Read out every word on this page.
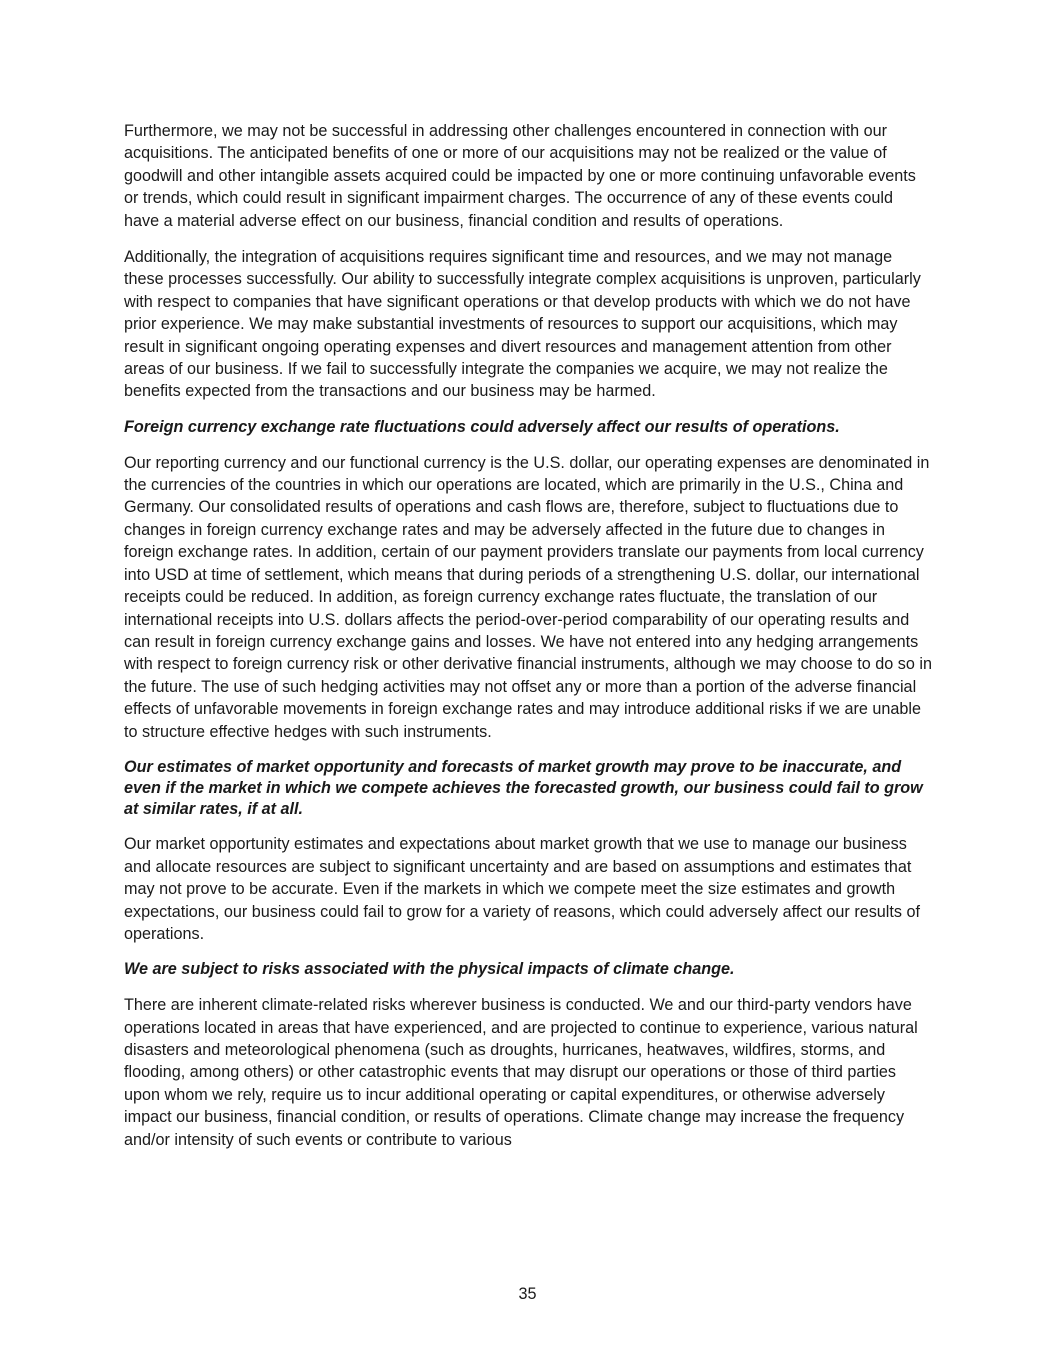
Furthermore, we may not be successful in addressing other challenges encountered in connection with our acquisitions. The anticipated benefits of one or more of our acquisitions may not be realized or the value of goodwill and other intangible assets acquired could be impacted by one or more continuing unfavorable events or trends, which could result in significant impairment charges. The occurrence of any of these events could have a material adverse effect on our business, financial condition and results of operations.

Additionally, the integration of acquisitions requires significant time and resources, and we may not manage these processes successfully. Our ability to successfully integrate complex acquisitions is unproven, particularly with respect to companies that have significant operations or that develop products with which we do not have prior experience. We may make substantial investments of resources to support our acquisitions, which may result in significant ongoing operating expenses and divert resources and management attention from other areas of our business. If we fail to successfully integrate the companies we acquire, we may not realize the benefits expected from the transactions and our business may be harmed.

Foreign currency exchange rate fluctuations could adversely affect our results of operations.

Our reporting currency and our functional currency is the U.S. dollar, our operating expenses are denominated in the currencies of the countries in which our operations are located, which are primarily in the U.S., China and Germany. Our consolidated results of operations and cash flows are, therefore, subject to fluctuations due to changes in foreign currency exchange rates and may be adversely affected in the future due to changes in foreign exchange rates. In addition, certain of our payment providers translate our payments from local currency into USD at time of settlement, which means that during periods of a strengthening U.S. dollar, our international receipts could be reduced. In addition, as foreign currency exchange rates fluctuate, the translation of our international receipts into U.S. dollars affects the period-over-period comparability of our operating results and can result in foreign currency exchange gains and losses. We have not entered into any hedging arrangements with respect to foreign currency risk or other derivative financial instruments, although we may choose to do so in the future. The use of such hedging activities may not offset any or more than a portion of the adverse financial effects of unfavorable movements in foreign exchange rates and may introduce additional risks if we are unable to structure effective hedges with such instruments.

Our estimates of market opportunity and forecasts of market growth may prove to be inaccurate, and even if the market in which we compete achieves the forecasted growth, our business could fail to grow at similar rates, if at all.

Our market opportunity estimates and expectations about market growth that we use to manage our business and allocate resources are subject to significant uncertainty and are based on assumptions and estimates that may not prove to be accurate. Even if the markets in which we compete meet the size estimates and growth expectations, our business could fail to grow for a variety of reasons, which could adversely affect our results of operations.

We are subject to risks associated with the physical impacts of climate change.

There are inherent climate-related risks wherever business is conducted. We and our third-party vendors have operations located in areas that have experienced, and are projected to continue to experience, various natural disasters and meteorological phenomena (such as droughts, hurricanes, heatwaves, wildfires, storms, and flooding, among others) or other catastrophic events that may disrupt our operations or those of third parties upon whom we rely, require us to incur additional operating or capital expenditures, or otherwise adversely impact our business, financial condition, or results of operations. Climate change may increase the frequency and/or intensity of such events or contribute to various

35
